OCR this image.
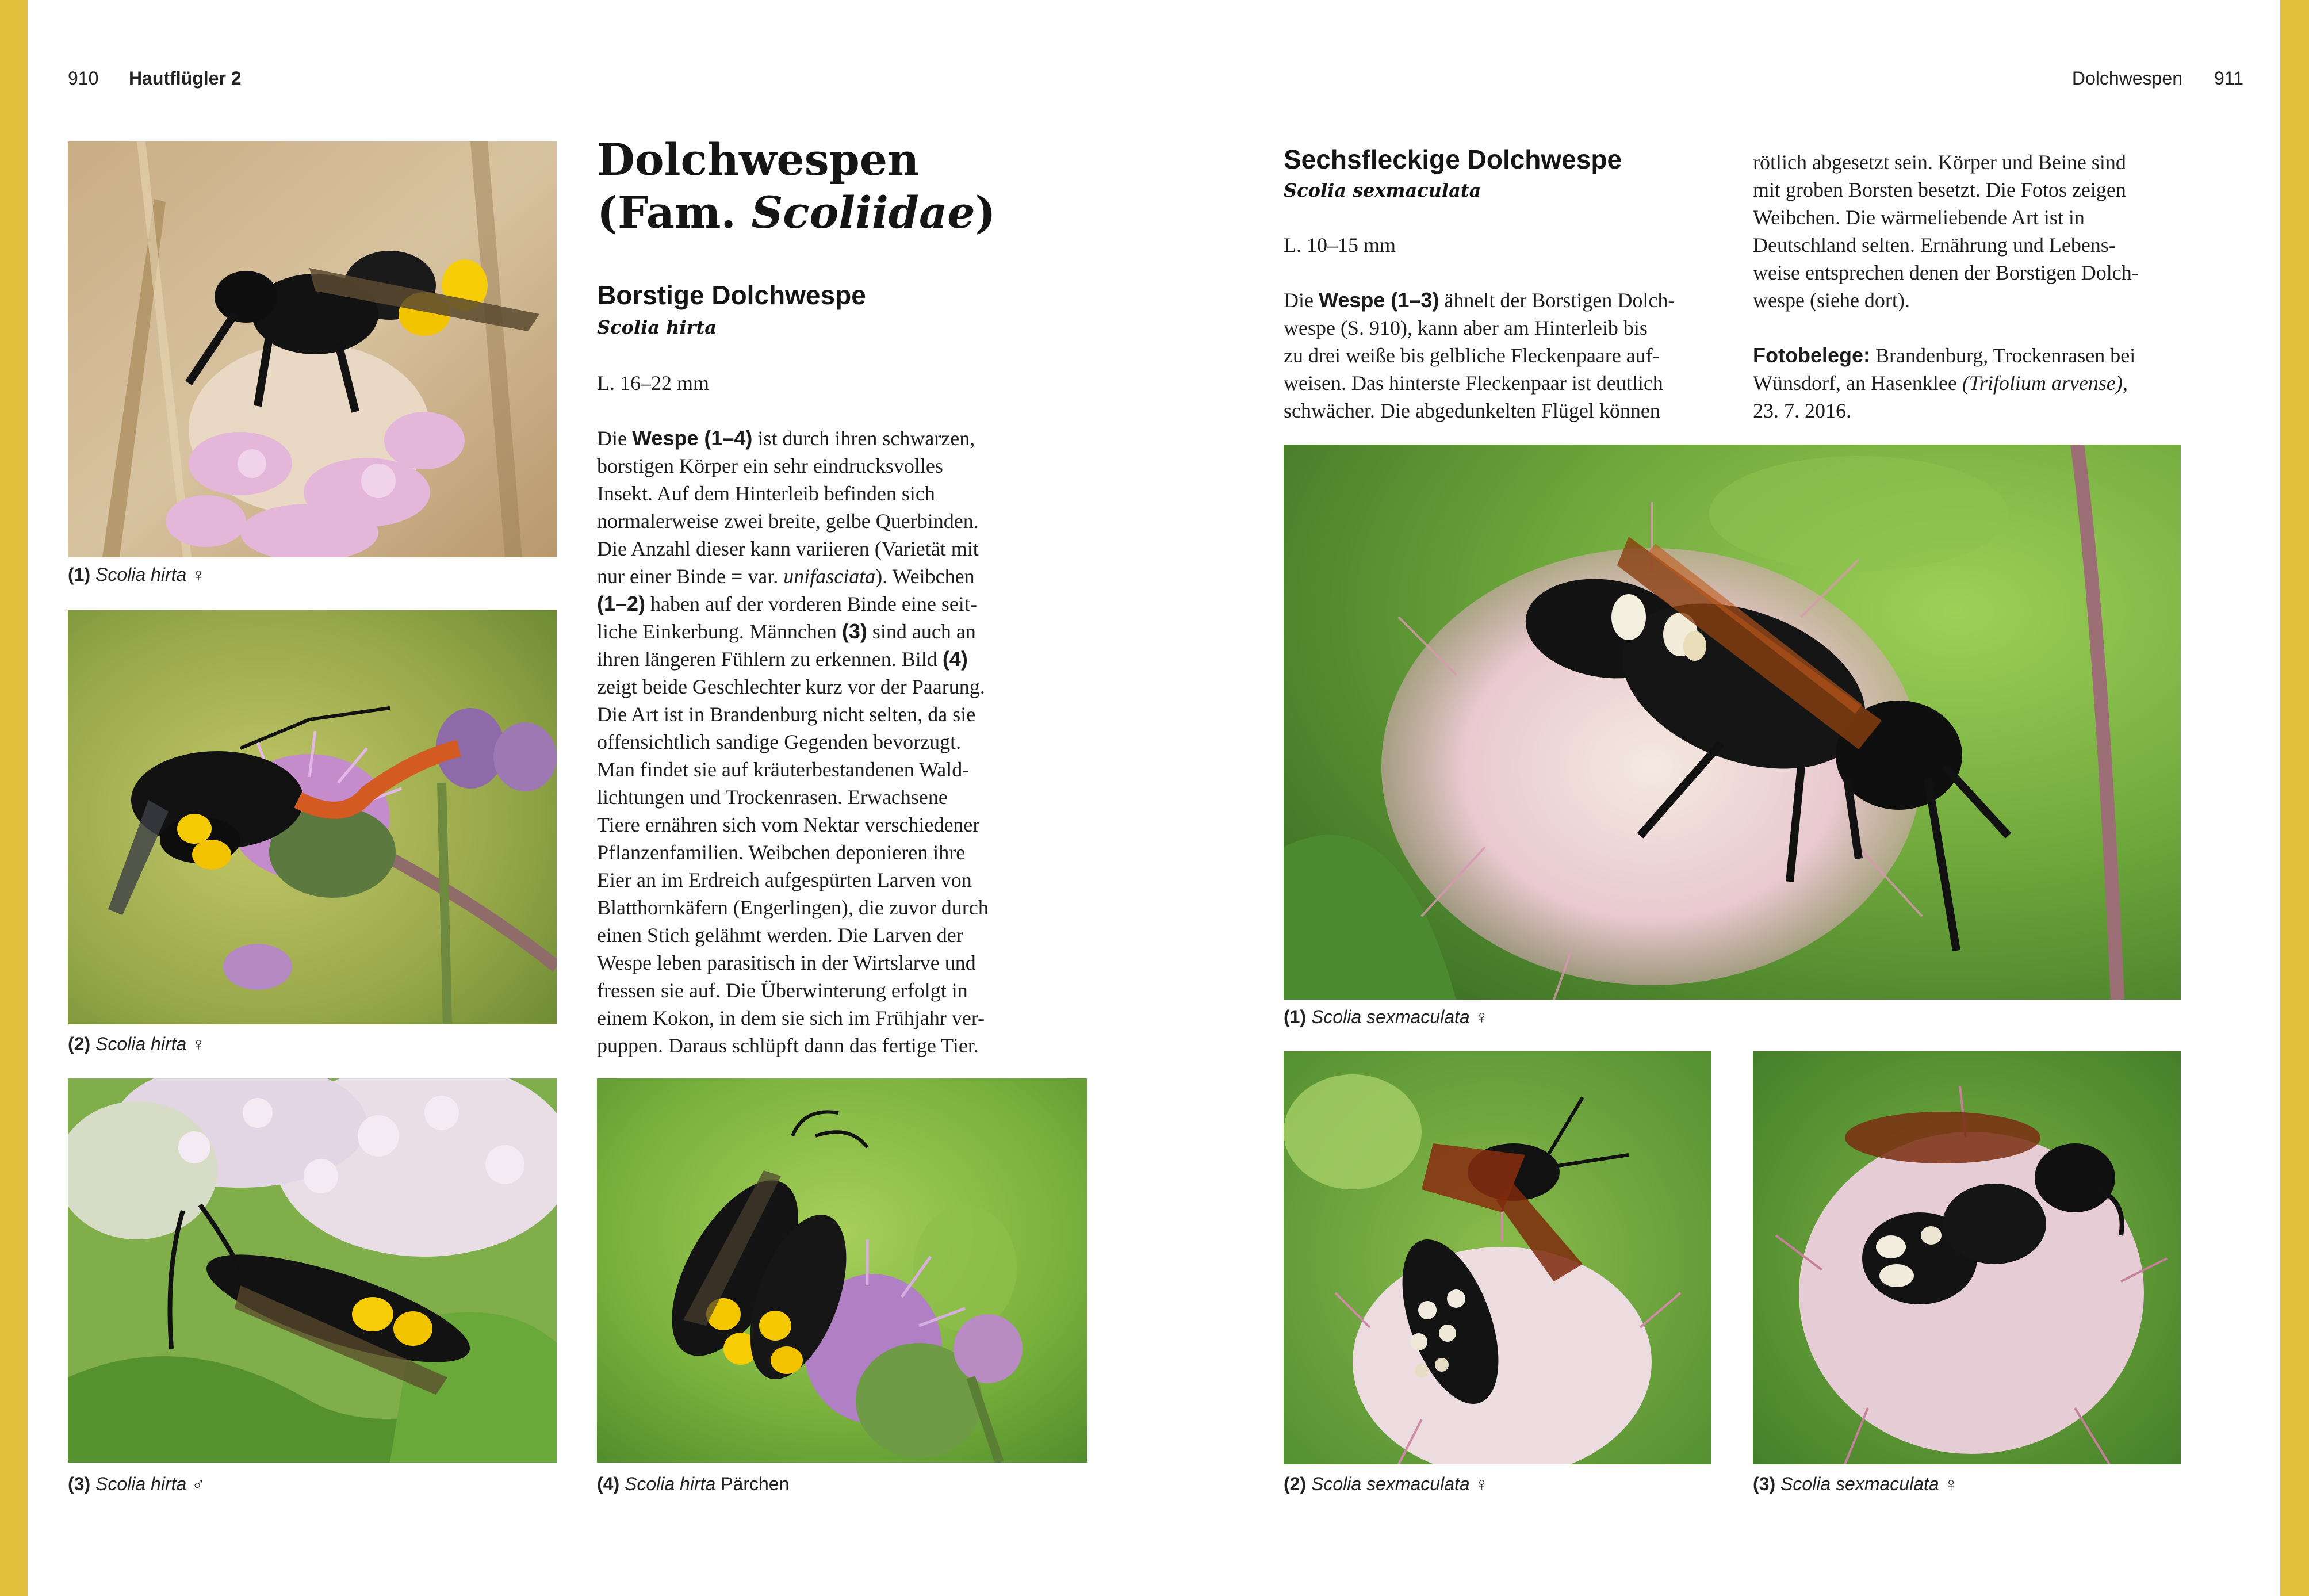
910 Hautflügler 2	Dolchwespen 911
(1) Scolia hirta ♀
(2) Scolia hirta ♀
(3) Scolia hirta ♂	(4) Scolia hirta Pärchen
Dolchwespen
(Fam. Scoliidae)
Borstige Dolchwespe
Scolia hirta
L. 16–22 mm
Die Wespe (1–4) ist durch ihren schwarzen,
borstigen Körper ein sehr eindrucksvolles
Insekt. Auf dem Hinterleib befinden sich
normalerweise zwei breite, gelbe Querbinden.
Die Anzahl dieser kann variieren (Varietät mit
nur einer Binde = var. unifasciata). Weibchen
(1–2) haben auf der vorderen Binde eine seit-
liche Einkerbung. Männchen (3) sind auch an
ihren längeren Fühlern zu erkennen. Bild (4)
zeigt beide Geschlechter kurz vor der Paarung.
Die Art ist in Brandenburg nicht selten, da sie
offensichtlich sandige Gegenden bevorzugt.
Man findet sie auf kräuterbestandenen Wald-
lichtungen und Trockenrasen. Erwachsene
Tiere ernähren sich vom Nektar verschiedener
Pflanzenfamilien. Weibchen deponieren ihre
Eier an im Erdreich aufgespürten Larven von
Blatthornkäfern (Engerlingen), die zuvor durch
einen Stich gelähmt werden. Die Larven der
Wespe leben parasitisch in der Wirtslarve und
fressen sie auf. Die Überwinterung erfolgt in
einem Kokon, in dem sie sich im Frühjahr ver-
puppen. Daraus schlüpft dann das fertige Tier.
Sechsfleckige Dolchwespe
Scolia sexmaculata
L. 10–15 mm
Die Wespe (1–3) ähnelt der Borstigen Dolch-
wespe (S. 910), kann aber am Hinterleib bis
zu drei weiße bis gelbliche Fleckenpaare auf-
weisen. Das hinterste Fleckenpaar ist deutlich
schwächer. Die abgedunkelten Flügel können
rötlich abgesetzt sein. Körper und Beine sind
mit groben Borsten besetzt. Die Fotos zeigen
Weibchen. Die wärmeliebende Art ist in
Deutschland selten. Ernährung und Lebens-
weise entsprechen denen der Borstigen Dolch-
wespe (siehe dort).
Fotobelege: Brandenburg, Trockenrasen bei
Wünsdorf, an Hasenklee (Trifolium arvense),
23. 7. 2016.
(1) Scolia sexmaculata ♀
(2) Scolia sexmaculata ♀	(3) Scolia sexmaculata ♀
